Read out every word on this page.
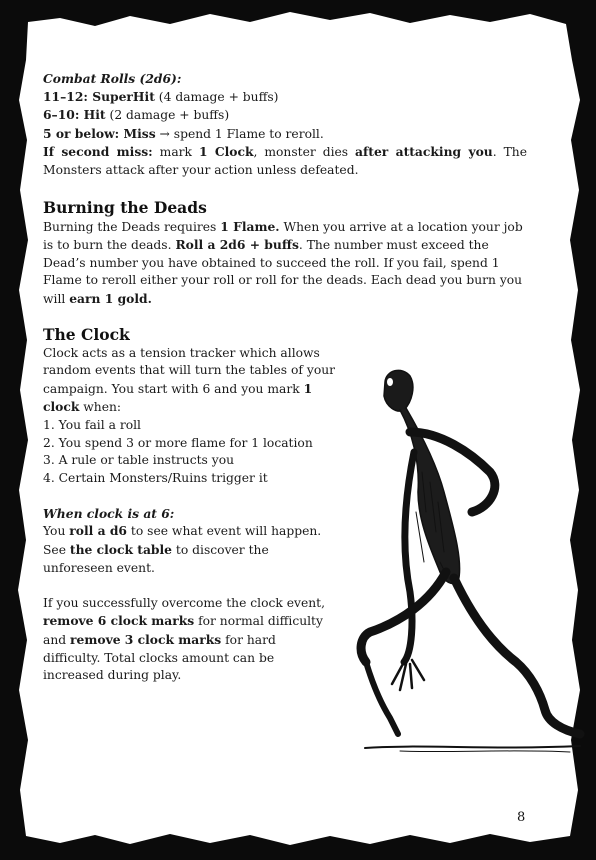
Combat Rolls (2d6):

11–12: SuperHit (4 damage + buffs)

6–10: Hit (2 damage + buffs)

5 or below: Miss → spend 1 Flame to reroll.

If second miss: mark 1 Clock, monster dies after attacking you. The Monsters attack after your action unless defeated.

Burning the Deads

Burning the Deads requires 1 Flame. When you arrive at a location your job is to burn the deads. Roll a 2d6 + buffs. The number must exceed the Dead’s number you have obtained to succeed the roll. If you fail, spend 1 Flame to reroll either your roll or roll for the deads. Each dead you burn you will earn 1 gold.

The Clock

Clock acts as a tension tracker which allows random events that will turn the tables of your campaign. You start with 6 and you mark 1 clock when:

1. You fail a roll
2. You spend 3 or more flame for 1 location
3. A rule or table instructs you
4. Certain Monsters/Ruins trigger it

When clock is at 6:

You roll a d6 to see what event will happen. See the clock table to discover the unforeseen event.

If you successfully overcome the clock event, remove 6 clock marks for normal difficulty and remove 3 clock marks for hard difficulty. Total clocks amount can be increased during play.

8
